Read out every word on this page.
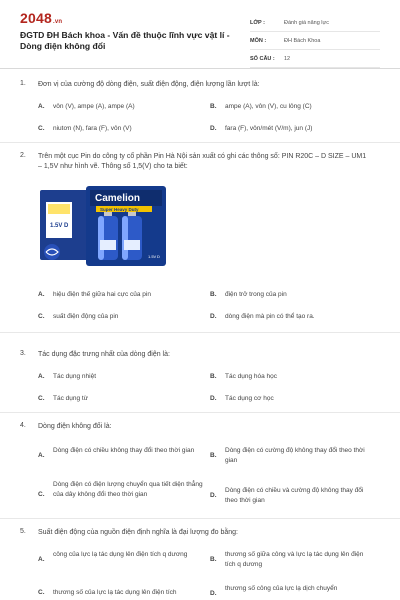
2048.vn
ĐGTD ĐH Bách khoa - Vấn đề thuộc lĩnh vực vật lí - Dòng điện không đổi
LỚP :	Đánh giá năng lực
MÔN :	ĐH Bách Khoa
SỐ CÂU :	12
1. Đơn vị của cường độ dòng điện, suất điện động, điện lượng lần lượt là:
A. vôn (V), ampe (A), ampe (A)	B. ampe (A), vôn (V), cu lông (C)
C. niutơn (N), fara (F), vôn (V)	D. fara (F), vôn/mét (V/m), jun (J)
2. Trên một cục Pin do công ty cổ phần Pin Hà Nội sản xuất có ghi các thông số: PIN R20C – D SIZE – UM1 – 1,5V như hình vẽ. Thông số 1,5(V) cho ta biết:
1.5V D
Camelion
Super Heavy Duty
1.5V D
A. hiệu điện thế giữa hai cực của pin	B. điện trở trong của pin
C. suất điện động của pin	D. dòng điện mà pin có thể tạo ra.
3. Tác dụng đặc trưng nhất của dòng điện là:
A. Tác dụng nhiệt	B. Tác dụng hóa học
C. Tác dụng từ	D. Tác dụng cơ học
4. Dòng điện không đổi là:
A.
Dòng điện có chiều không thay đổi theo thời gian
B.
Dòng điện có cường độ không thay đổi theo thời gian
C.
Dòng điện có điện lượng chuyển qua tiết diện thẳng của dây không đổi theo thời gian	D.
Dòng điện có chiều và cường độ không thay đổi theo thời gian
5. Suất điện động của nguồn điện định nghĩa là đại lượng đo bằng:
A.
công của lực lạ tác dụng lên điện tích q dương
B.
thương số giữa công và lực lạ tác dụng lên điện tích q dương
C. thương số của lực lạ tác dụng lên điện tích	D.
thương số công của lực lạ dịch chuyển
